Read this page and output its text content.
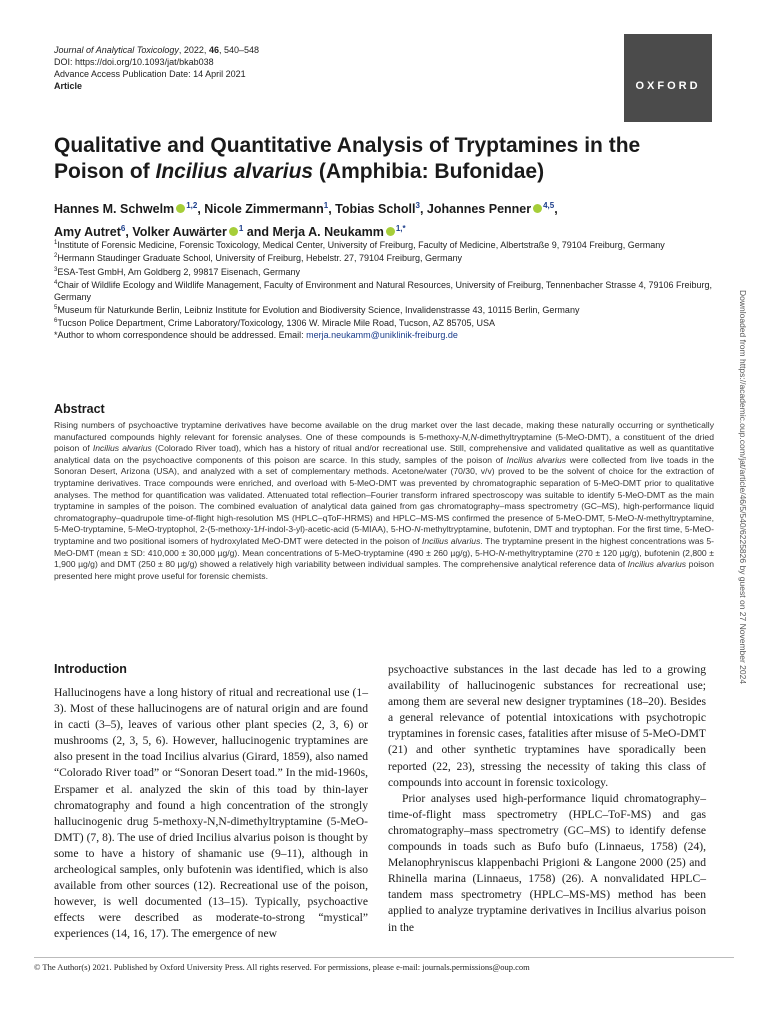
Journal of Analytical Toxicology, 2022, 46, 540–548
DOI: https://doi.org/10.1093/jat/bkab038
Advance Access Publication Date: 14 April 2021
Article	OXFORD
Qualitative and Quantitative Analysis of Tryptamines in the Poison of Incilius alvarius (Amphibia: Bufonidae)
Hannes M. Schwelm $^{1,2}$, Nicole Zimmermann$^1$, Tobias Scholl$^3$, Johannes Penner $^{4,5}$,
Amy Autret$^6$, Volker Auwärter $^1$ and Merja A. Neukamm $^{1,*}$
$^1$Institute of Forensic Medicine, Forensic Toxicology, Medical Center, University of Freiburg, Faculty of Medicine, Albertstraße 9, 79104 Freiburg, Germany
$^2$Hermann Staudinger Graduate School, University of Freiburg, Hebelstr. 27, 79104 Freiburg, Germany
$^3$ESA-Test GmbH, Am Goldberg 2, 99817 Eisenach, Germany
$^4$Chair of Wildlife Ecology and Wildlife Management, Faculty of Environment and Natural Resources, University of Freiburg, Tennenbacher Strasse 4, 79106 Freiburg, Germany
$^5$Museum für Naturkunde Berlin, Leibniz Institute for Evolution and Biodiversity Science, Invalidenstrasse 43, 10115 Berlin, Germany
$^6$Tucson Police Department, Crime Laboratory/Toxicology, 1306 W. Miracle Mile Road, Tucson, AZ 85705, USA
*Author to whom correspondence should be addressed. Email: merja.neukamm@uniklinik-freiburg.de
Abstract
Rising numbers of psychoactive tryptamine derivatives have become available on the drug market over the last decade, making these naturally occurring or synthetically manufactured compounds highly relevant for forensic analyses. One of these compounds is 5-methoxy-N,N-dimethyltryptamine (5-MeO-DMT), a constituent of the dried poison of Incilius alvarius (Colorado River toad), which has a history of ritual and/or recreational use. Still, comprehensive and validated qualitative as well as quantitative analytical data on the psychoactive components of this poison are scarce. In this study, samples of the poison of Incilius alvarius were collected from live toads in the Sonoran Desert, Arizona (USA), and analyzed with a set of complementary methods. Acetone/water (70/30, v/v) proved to be the solvent of choice for the extraction of tryptamine derivatives. Trace compounds were enriched, and overload with 5-MeO-DMT was prevented by chromatographic separation of 5-MeO-DMT prior to qualitative analyses. The method for quantification was validated. Attenuated total reflection–Fourier transform infrared spectroscopy was suitable to identify 5-MeO-DMT as the main tryptamine in samples of the poison. The combined evaluation of analytical data gained from gas chromatography–mass spectrometry (GC–MS), high-performance liquid chromatography–quadrupole time-of-flight high-resolution MS (HPLC–qToF-HRMS) and HPLC–MS-MS confirmed the presence of 5-MeO-DMT, 5-MeO-N-methyltryptamine, 5-MeO-tryptamine, 5-MeO-tryptophol, 2-(5-methoxy-1H-indol-3-yl)-acetic-acid (5-MIAA), 5-HO-N-methyltryptamine, bufotenin, DMT and tryptophan. For the first time, 5-MeO-tryptamine and two positional isomers of hydroxylated MeO-DMT were detected in the poison of Incilius alvarius. The tryptamine present in the highest concentrations was 5-MeO-DMT (mean ± SD: 410,000 ± 30,000 µg/g). Mean concentrations of 5-MeO-tryptamine (490 ± 260 µg/g), 5-HO-N-methyltryptamine (270 ± 120 µg/g), bufotenin (2,800 ± 1,900 µg/g) and DMT (250 ± 80 µg/g) showed a relatively high variability between individual samples. The comprehensive analytical reference data of Incilius alvarius poison presented here might prove useful for forensic chemists.
Introduction

Hallucinogens have a long history of ritual and recreational use (1–3). Most of these hallucinogens are of natural origin and are found in cacti (3–5), leaves of various other plant species (2, 3, 6) or mushrooms (2, 3, 5, 6). However, hallucinogenic tryptamines are also present in the toad Incilius alvarius (Girard, 1859), also named “Colorado River toad” or “Sonoran Desert toad.” In the mid-1960s, Erspamer et al. analyzed the skin of this toad by thin-layer chromatography and found a high concentration of the strongly hallucinogenic drug 5-methoxy-N,N-dimethyltryptamine (5-MeO-DMT) (7, 8). The use of dried Incilius alvarius poison is thought by some to have a history of shamanic use (9–11), although in archeological samples, only bufotenin was identified, which is also available from other sources (12). Recreational use of the poison, however, is well documented (13–15). Typically, psychoactive effects were described as moderate-to-strong “mystical” experiences (14, 16, 17). The emergence of new

psychoactive substances in the last decade has led to a growing availability of hallucinogenic substances for recreational use; among them are several new designer tryptamines (18–20). Besides a general relevance of potential intoxications with psychotropic tryptamines in forensic cases, fatalities after misuse of 5-MeO-DMT (21) and other synthetic tryptamines have sporadically been reported (22, 23), stressing the necessity of taking this class of compounds into account in forensic toxicology.

Prior analyses used high-performance liquid chromatography–time-of-flight mass spectrometry (HPLC–ToF-MS) and gas chromatography–mass spectrometry (GC–MS) to identify defense compounds in toads such as Bufo bufo (Linnaeus, 1758) (24), Melanophryniscus klappenbachi Prigioni & Langone 2000 (25) and Rhinella marina (Linnaeus, 1758) (26). A nonvalidated HPLC–tandem mass spectrometry (HPLC–MS-MS) method has been applied to analyze tryptamine derivatives in Incilius alvarius poison in the

© The Author(s) 2021. Published by Oxford University Press. All rights reserved. For permissions, please e-mail: journals.permissions@oup.com
Downloaded from https://academic.oup.com/jat/article/46/5/540/6225826 by guest on 27 November 2024
